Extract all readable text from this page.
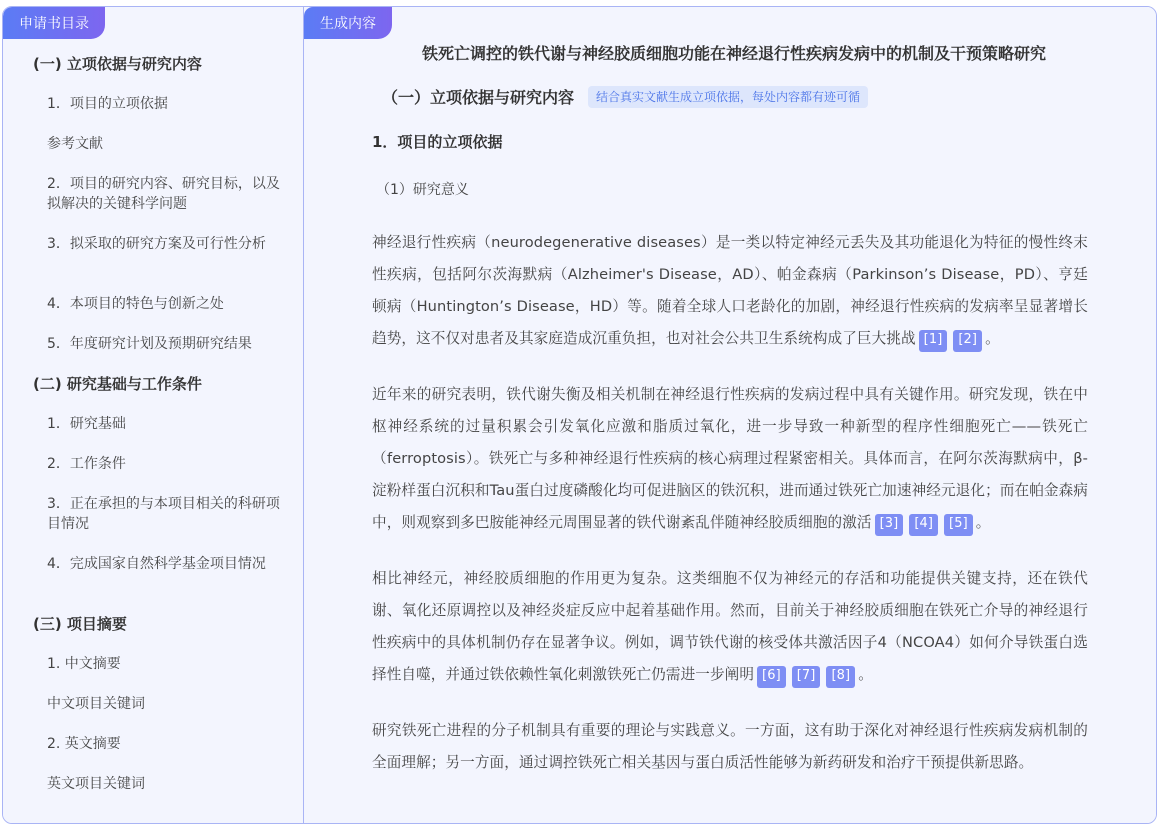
申请书目录
(一) 立项依据与研究内容
1．项目的立项依据
参考文献
2．项目的研究内容、研究目标，以及拟解决的关键科学问题
3．拟采取的研究方案及可行性分析
4．本项目的特色与创新之处
5．年度研究计划及预期研究结果
(二) 研究基础与工作条件
1．研究基础
2．工作条件
3．正在承担的与本项目相关的科研项目情况
4．完成国家自然科学基金项目情况
(三) 项目摘要
1. 中文摘要
中文项目关键词
2. 英文摘要
英文项目关键词
生成内容
铁死亡调控的铁代谢与神经胶质细胞功能在神经退行性疾病发病中的机制及干预策略研究
（一）立项依据与研究内容	结合真实文献生成立项依据，每处内容都有迹可循
1．项目的立项依据
（1）研究意义
神经退行性疾病（neurodegenerative diseases）是一类以特定神经元丢失及其功能退化为特征的慢性终末性疾病，包括阿尔茨海默病（Alzheimer's Disease，AD）、帕金森病（Parkinson’s Disease，PD）、亨廷顿病（Huntington’s Disease，HD）等。随着全球人口老龄化的加剧，神经退行性疾病的发病率呈显著增长趋势，这不仅对患者及其家庭造成沉重负担，也对社会公共卫生系统构成了巨大挑战 [1] [2] 。
近年来的研究表明，铁代谢失衡及相关机制在神经退行性疾病的发病过程中具有关键作用。研究发现，铁在中枢神经系统的过量积累会引发氧化应激和脂质过氧化，进一步导致一种新型的程序性细胞死亡——铁死亡（ferroptosis）。铁死亡与多种神经退行性疾病的核心病理过程紧密相关。具体而言，在阿尔茨海默病中，β-淀粉样蛋白沉积和Tau蛋白过度磷酸化均可促进脑区的铁沉积，进而通过铁死亡加速神经元退化；而在帕金森病中，则观察到多巴胺能神经元周围显著的铁代谢紊乱伴随神经胶质细胞的激活 [3] [4] [5] 。
相比神经元，神经胶质细胞的作用更为复杂。这类细胞不仅为神经元的存活和功能提供关键支持，还在铁代谢、氧化还原调控以及神经炎症反应中起着基础作用。然而，目前关于神经胶质细胞在铁死亡介导的神经退行性疾病中的具体机制仍存在显著争议。例如，调节铁代谢的核受体共激活因子4（NCOA4）如何介导铁蛋白选择性自噬，并通过铁依赖性氧化刺激铁死亡仍需进一步阐明 [6] [7] [8] 。
研究铁死亡进程的分子机制具有重要的理论与实践意义。一方面，这有助于深化对神经退行性疾病发病机制的全面理解；另一方面，通过调控铁死亡相关基因与蛋白质活性能够为新药研发和治疗干预提供新思路。
